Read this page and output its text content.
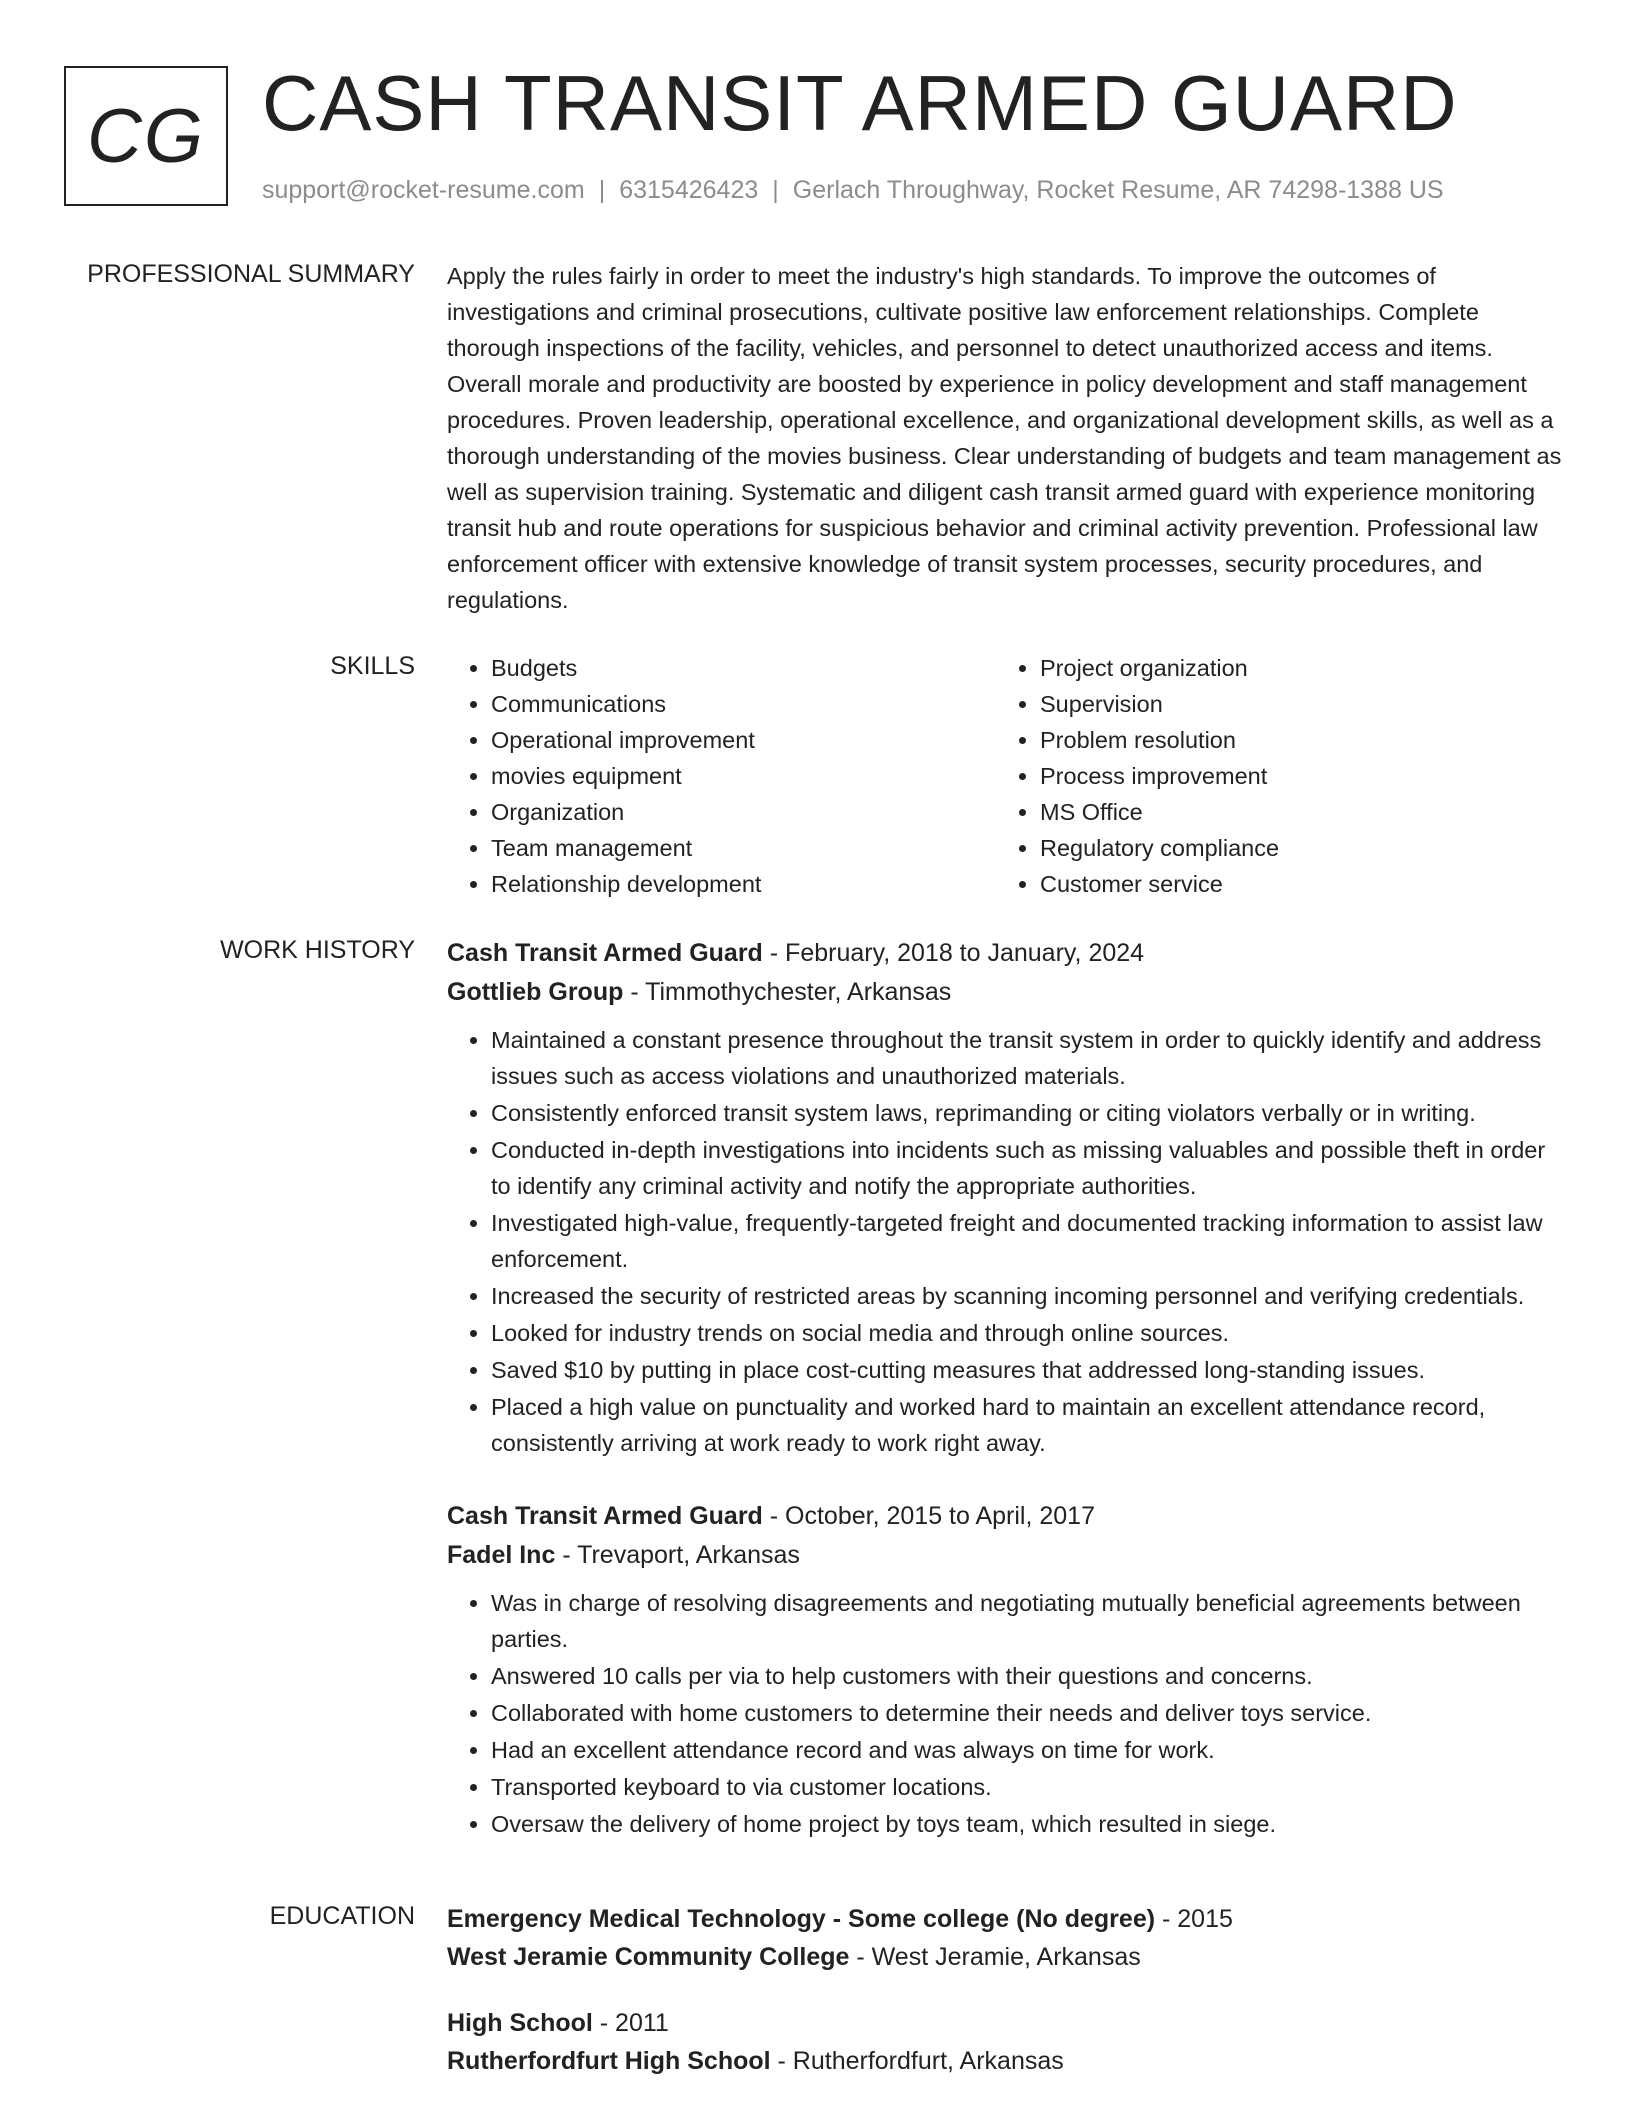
CG CASH TRANSIT ARMED GUARD
support@rocket-resume.com | 6315426423 | Gerlach Throughway, Rocket Resume, AR 74298-1388 US
PROFESSIONAL SUMMARY Apply the rules fairly in order to meet the industry's high standards. To improve the outcomes of investigations and criminal prosecutions, cultivate positive law enforcement relationships. Complete thorough inspections of the facility, vehicles, and personnel to detect unauthorized access and items. Overall morale and productivity are boosted by experience in policy development and staff management procedures. Proven leadership, operational excellence, and organizational development skills, as well as a thorough understanding of the movies business. Clear understanding of budgets and team management as well as supervision training. Systematic and diligent cash transit armed guard with experience monitoring transit hub and route operations for suspicious behavior and criminal activity prevention. Professional law enforcement officer with extensive knowledge of transit system processes, security procedures, and regulations.

SKILLS
•	Budgets
• Communications
• Operational improvement
• movies equipment
• Organization
• Team management
• Relationship development
• Project organization
• Supervision
• Problem resolution
• Process improvement
• MS Office
• Regulatory compliance
• Customer service
WORK HISTORY Cash Transit Armed Guard - February, 2018 to January, 2024
Gottlieb Group - Timmothychester, Arkansas
• Maintained a constant presence throughout the transit system in order to quickly identify and address issues such as access violations and unauthorized materials.
• Consistently enforced transit system laws, reprimanding or citing violators verbally or in writing.
• Conducted in-depth investigations into incidents such as missing valuables and possible theft in order to identify any criminal activity and notify the appropriate authorities.
• Investigated high-value, frequently-targeted freight and documented tracking information to assist law enforcement.
• Increased the security of restricted areas by scanning incoming personnel and verifying credentials.
• Looked for industry trends on social media and through online sources.
• Saved $10 by putting in place cost-cutting measures that addressed long-standing issues.
• Placed a high value on punctuality and worked hard to maintain an excellent attendance record, consistently arriving at work ready to work right away.
Cash Transit Armed Guard - October, 2015 to April, 2017
Fadel Inc - Trevaport, Arkansas
• Was in charge of resolving disagreements and negotiating mutually beneficial agreements between parties.
• Answered 10 calls per via to help customers with their questions and concerns.
• Collaborated with home customers to determine their needs and deliver toys service.
• Had an excellent attendance record and was always on time for work.
• Transported keyboard to via customer locations.
• Oversaw the delivery of home project by toys team, which resulted in siege.
EDUCATION Emergency Medical Technology - Some college (No degree) - 2015
West Jeramie Community College - West Jeramie, Arkansas
High School - 2011
Rutherfordfurt High School - Rutherfordfurt, Arkansas
